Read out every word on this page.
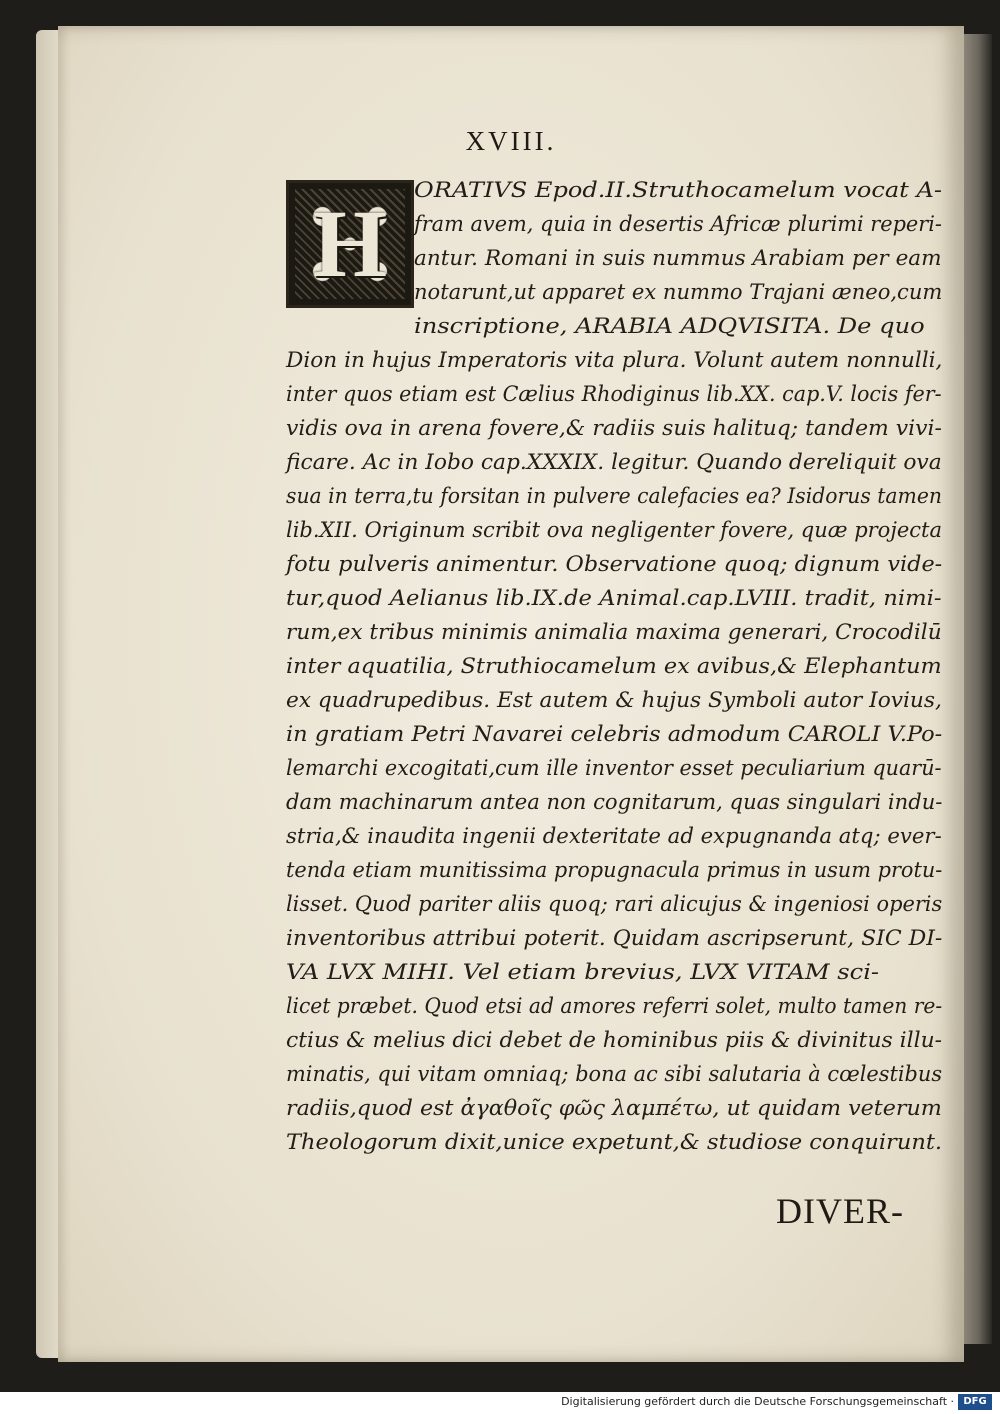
XVIII.
H ORATIVS Epod.II.Struthocamelum vocat A-
fram avem, quia in desertis Africæ plurimi reperi-
antur. Romani in suis nummus Arabiam per eam
notarunt,ut apparet ex nummo Trajani æneo,cum
inscriptione, ARABIA ADQVISITA. De quo
Dion in hujus Imperatoris vita plura. Volunt autem nonnulli,
inter quos etiam est Cælius Rhodiginus lib.XX. cap.V. locis fer-
vidis ova in arena fovere,& radiis suis halituq; tandem vivi-
ficare. Ac in Iobo cap.XXXIX. legitur. Quando dereliquit ova
sua in terra,tu forsitan in pulvere calefacies ea? Isidorus tamen
lib.XII. Originum scribit ova negligenter fovere, quæ projecta
fotu pulveris animentur. Observatione quoq; dignum vide-
tur,quod Aelianus lib.IX.de Animal.cap.LVIII. tradit, nimi-
rum,ex tribus minimis animalia maxima generari, Crocodilū
inter aquatilia, Struthiocamelum ex avibus,& Elephantum
ex quadrupedibus. Est autem & hujus Symboli autor Iovius,
in gratiam Petri Navarei celebris admodum CAROLI V.Po-
lemarchi excogitati,cum ille inventor esset peculiarium quarū-
dam machinarum antea non cognitarum, quas singulari indu-
stria,& inaudita ingenii dexteritate ad expugnanda atq; ever-
tenda etiam munitissima propugnacula primus in usum protu-
lisset. Quod pariter aliis quoq; rari alicujus & ingeniosi operis
inventoribus attribui poterit. Quidam ascripserunt, SIC DI-
VA LVX MIHI. Vel etiam brevius, LVX VITAM sci-
licet præbet. Quod etsi ad amores referri solet, multo tamen re-
ctius & melius dici debet de hominibus piis & divinitus illu-
minatis, qui vitam omniaq; bona ac sibi salutaria à cœlestibus
radiis,quod est ἀγαθοῖς φῶς λαμπέτω, ut quidam veterum
Theologorum dixit,unice expetunt,& studiose conquirunt.
DIVER-
Digitalisierung gefördert durch die Deutsche Forschungsgemeinschaft · DFG
